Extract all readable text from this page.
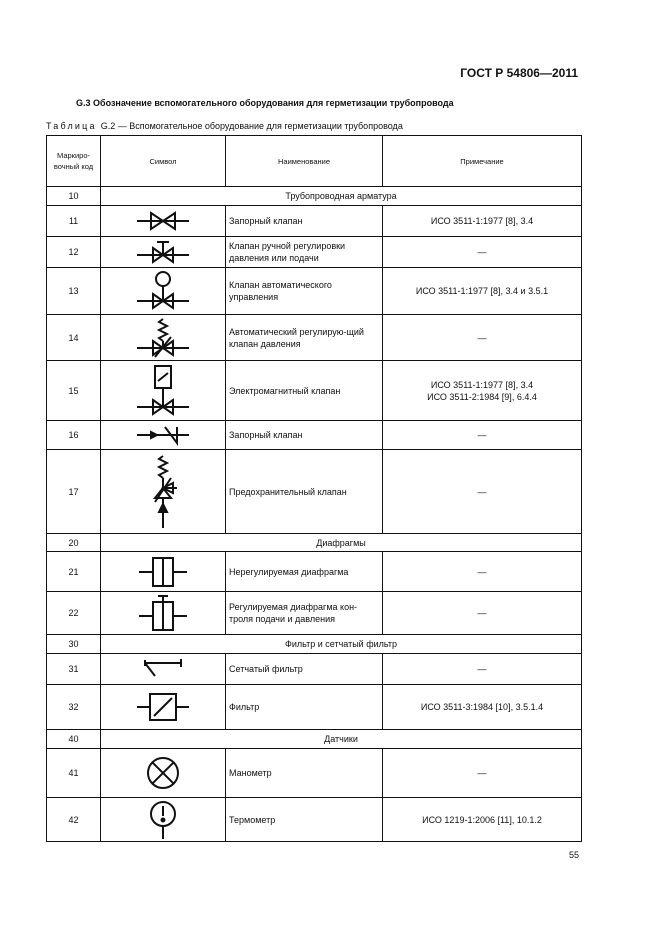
ГОСТ Р 54806—2011
G.3 Обозначение вспомогательного оборудования для герметизации трубопровода
Таблица G.2 — Вспомогательное оборудование для герметизации трубопровода
Маркиро-вочный код	Символ	Наименование	Примечание
10	Трубопроводная арматура		
11		Запорный клапан	ИСО 3511-1:1977 [8], 3.4
12		Клапан ручной регулировки давления или подачи	—
13		Клапан автоматического управления	ИСО 3511-1:1977 [8], 3.4 и 3.5.1
14		Автоматический регулирую-щий клапан давления	—
15		Электромагнитный клапан	ИСО 3511-1:1977 [8], 3.4
ИСО 3511-2:1984 [9], 6.4.4

16		Запорный клапан	—
17		Предохранительный клапан	—
20	Диафрагмы		
21		Нерегулируемая диафрагма	—
22		Регулируемая диафрагма кон-троля подачи и давления	—
30	Фильтр и сетчатый фильтр		
31		Сетчатый фильтр	—
32		Фильтр	ИСО 3511-3:1984 [10], 3.5.1.4
40	Датчики		
41		Манометр	—
42		Термометр	ИСО 1219-1:2006 [11], 10.1.2
55
